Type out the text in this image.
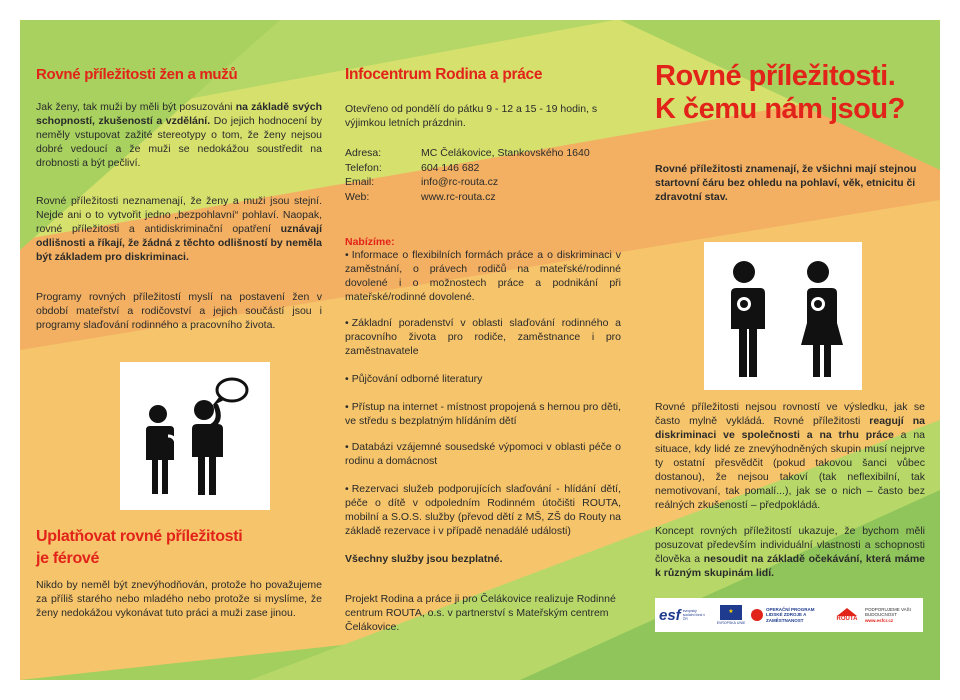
Rovné příležitosti žen a mužů

Jak ženy, tak muži by měli být posuzováni na základě svých schopností, zkušeností a vzdělání. Do jejich hodnocení by neměly vstupovat zažité stereotypy o tom, že ženy nejsou dobré vedoucí a že muži se nedokážou soustředit na drobnosti a být pečliví.

Rovné příležitosti neznamenají, že ženy a muži jsou stejní. Nejde ani o to vytvořit jedno „bezpohlavní“ pohlaví. Naopak, rovné příležitosti a antidiskriminační opatření uznávají odlišnosti a říkají, že žádná z těchto odlišností by neměla být základem pro diskriminaci.

Programy rovných příležitostí myslí na postavení žen v období mateřství a rodičovství a jejich součástí jsou i programy slaďování rodinného a pracovního života.

Uplatňovat rovné příležitosti je férové

Nikdo by neměl být znevýhodňován, protože ho považujeme za příliš starého nebo mladého nebo protože si myslíme, že ženy nedokážou vykonávat tuto práci a muži zase jinou.

Infocentrum Rodina a práce

Otevřeno od pondělí do pátku 9 - 12 a 15 - 19 hodin, s výjimkou letních prázdnin.

Adresa:	MC Čelákovice, Stankovského 1640
Telefon:	604 146 682
Email:	info@rc-routa.cz
Web:	www.rc-routa.cz
Nabízíme:

• Informace o flexibilních formách práce a o diskriminaci v zaměstnání, o právech rodičů na mateřské/rodinné dovolené i o možnostech práce a podnikání při mateřské/rodinné dovolené.

• Základní poradenství v oblasti slaďování rodinného a pracovního života pro rodiče, zaměstnance i pro zaměstnavatele

• Půjčování odborné literatury

• Přístup na internet - místnost propojená s hernou pro děti, ve středu s bezplatným hlídáním dětí

• Databázi vzájemné sousedské výpomoci v oblasti péče o rodinu a domácnost

• Rezervaci služeb podporujících slaďování - hlídání dětí, péče o dítě v odpoledním Rodinném útočišti ROUTA, mobilní a S.O.S. služby (převod dětí z MŠ, ZŠ do Routy na základě rezervace i v případě nenadálé události)

Všechny služby jsou bezplatné.

Projekt Rodina a práce ji pro Čelákovice realizuje Rodinné centrum ROUTA, o.s. v partnerství s Mateřským centrem Čelákovice.

Rovné příležitosti.
K čemu nám jsou?

Rovné příležitosti znamenají, že všichni mají stejnou startovní čáru bez ohledu na pohlaví, věk, etnicitu či zdravotní stav.

Rovné příležitosti nejsou rovností ve výsledku, jak se často mylně vykládá. Rovné příležitosti reagují na diskriminaci ve společnosti a na trhu práce a na situace, kdy lidé ze znevýhodněných skupin musí nejprve ty ostatní přesvědčit (pokud takovou šanci vůbec dostanou), že nejsou takoví (tak neflexibilní, tak nemotivovaní, tak pomalí...), jak se o nich – často bez reálných zkušeností – předpokládá.

Koncept rovných příležitostí ukazuje, že bychom měli posuzovat především individuální vlastnosti a schopnosti člověka a nesoudit na základě očekávání, která máme k různým skupinám lidí.

esf evropský sociální fond v ČR
★
EVROPSKÁ UNIE
OPERAČNÍ PROGRAM LIDSKÉ ZDROJE A ZAMĚSTNANOST	ROUTA
PODPORUJEME VAŠI BUDOUCNOST
www.esfcr.cz
